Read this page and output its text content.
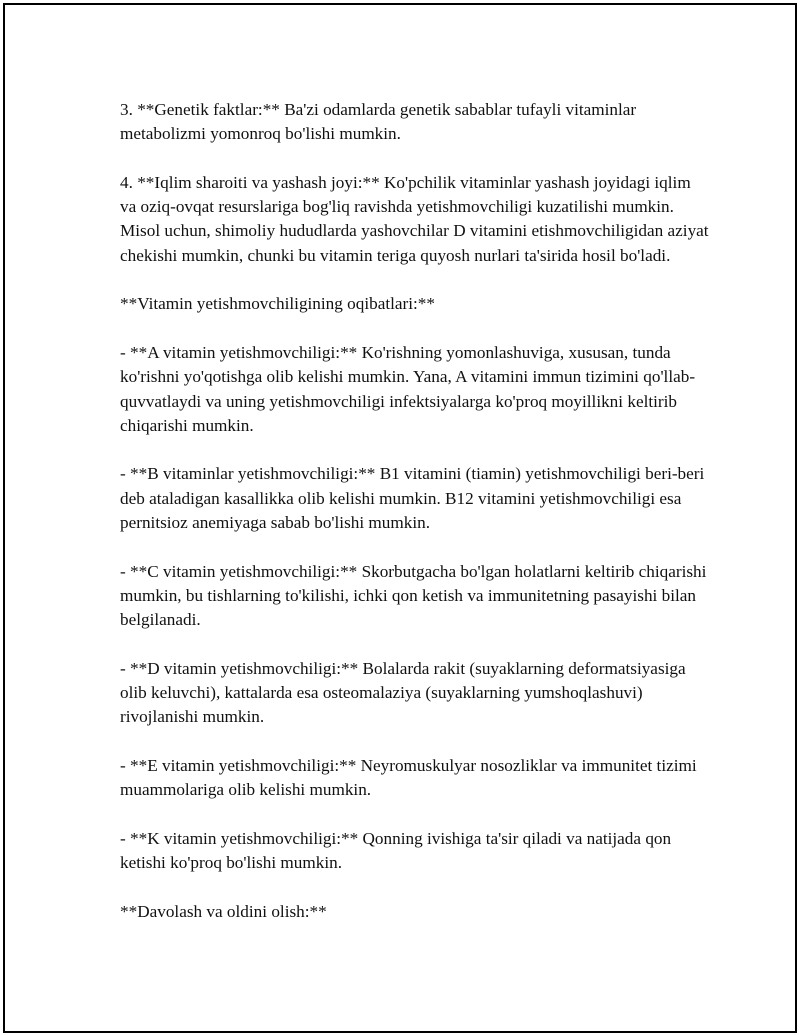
3. **Genetik faktlar:** Ba'zi odamlarda genetik sabablar tufayli vitaminlar metabolizmi yomonroq bo'lishi mumkin.

4. **Iqlim sharoiti va yashash joyi:** Ko'pchilik vitaminlar yashash joyidagi iqlim va oziq-ovqat resurslariga bog'liq ravishda yetishmovchiligi kuzatilishi mumkin. Misol uchun, shimoliy hududlarda yashovchilar D vitamini etishmovchiligidan aziyat chekishi mumkin, chunki bu vitamin teriga quyosh nurlari ta'sirida hosil bo'ladi.

**Vitamin yetishmovchiligining oqibatlari:**

- **A vitamin yetishmovchiligi:** Ko'rishning yomonlashuviga, xususan, tunda ko'rishni yo'qotishga olib kelishi mumkin. Yana, A vitamini immun tizimini qo'llab-quvvatlaydi va uning yetishmovchiligi infektsiyalarga ko'proq moyillikni keltirib chiqarishi mumkin.

- **B vitaminlar yetishmovchiligi:** B1 vitamini (tiamin) yetishmovchiligi beri-beri deb ataladigan kasallikka olib kelishi mumkin. B12 vitamini yetishmovchiligi esa pernitsioz anemiyaga sabab bo'lishi mumkin.

- **C vitamin yetishmovchiligi:** Skorbutgacha bo'lgan holatlarni keltirib chiqarishi mumkin, bu tishlarning to'kilishi, ichki qon ketish va immunitetning pasayishi bilan belgilanadi.

- **D vitamin yetishmovchiligi:** Bolalarda rakit (suyaklarning deformatsiyasiga olib keluvchi), kattalarda esa osteomalaziya (suyaklarning yumshoqlashuvi) rivojlanishi mumkin.

- **E vitamin yetishmovchiligi:** Neyromuskulyar nosozliklar va immunitet tizimi muammolariga olib kelishi mumkin.

- **K vitamin yetishmovchiligi:** Qonning ivishiga ta'sir qiladi va natijada qon ketishi ko'proq bo'lishi mumkin.

**Davolash va oldini olish:**
